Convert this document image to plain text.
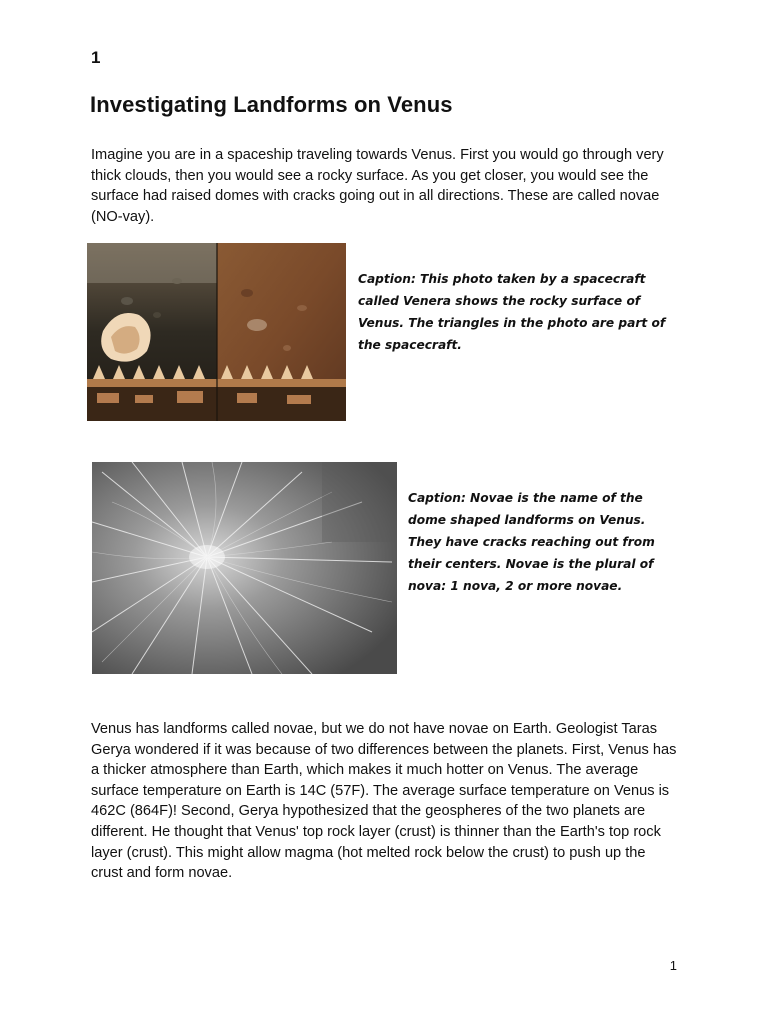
1
Investigating Landforms on Venus

Imagine you are in a spaceship traveling towards Venus. First you would go through very thick clouds, then you would see a rocky surface. As you get closer, you would see the surface had raised domes with cracks going out in all directions. These are called novae (NO-vay).

Caption: This photo taken by a spacecraft called Venera shows the rocky surface of Venus. The triangles in the photo are part of the spacecraft.

Caption: Novae is the name of the dome shaped landforms on Venus. They have cracks reaching out from their centers. Novae is the plural of nova: 1 nova, 2 or more novae.

Venus has landforms called novae, but we do not have novae on Earth. Geologist Taras Gerya wondered if it was because of two differences between the planets. First, Venus has a thicker atmosphere than Earth, which makes it much hotter on Venus. The average surface temperature on Earth is 14C (57F). The average surface temperature on Venus is 462C (864F)! Second, Gerya hypothesized that the geospheres of the two planets are different. He thought that Venus' top rock layer (crust) is thinner than the Earth's top rock layer (crust). This might allow magma (hot melted rock below the crust) to push up the crust and form novae.

1
